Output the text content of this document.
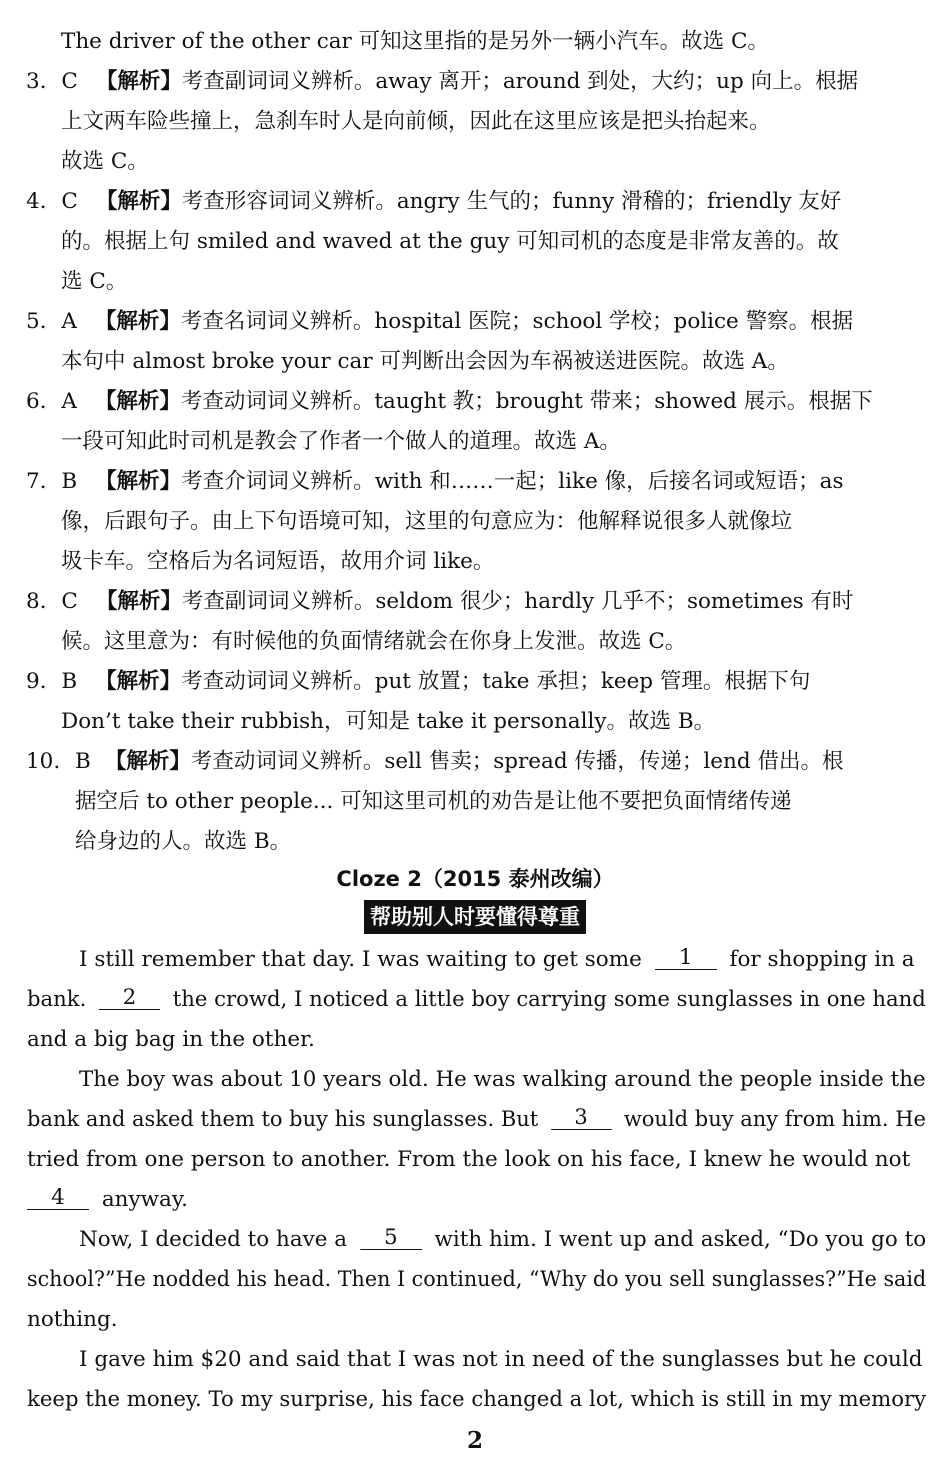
The driver of the other car 可知这里指的是另外一辆小汽车。故选 C。
3. C 【解析】考查副词词义辨析。away 离开；around 到处，大约；up 向上。根据
上文两车险些撞上，急刹车时人是向前倾，因此在这里应该是把头抬起来。
故选 C。
4. C 【解析】考查形容词词义辨析。angry 生气的；funny 滑稽的；friendly 友好
的。根据上句 smiled and waved at the guy 可知司机的态度是非常友善的。故
选 C。
5. A 【解析】考查名词词义辨析。hospital 医院；school 学校；police 警察。根据
本句中 almost broke your car 可判断出会因为车祸被送进医院。故选 A。
6. A 【解析】考查动词词义辨析。taught 教；brought 带来；showed 展示。根据下
一段可知此时司机是教会了作者一个做人的道理。故选 A。
7. B 【解析】考查介词词义辨析。with 和……一起；like 像，后接名词或短语；as
像，后跟句子。由上下句语境可知，这里的句意应为：他解释说很多人就像垃
圾卡车。空格后为名词短语，故用介词 like。
8. C 【解析】考查副词词义辨析。seldom 很少；hardly 几乎不；sometimes 有时
候。这里意为：有时候他的负面情绪就会在你身上发泄。故选 C。
9. B 【解析】考查动词词义辨析。put 放置；take 承担；keep 管理。根据下句
Don’t take their rubbish，可知是 take it personally。故选 B。
10. B 【解析】考查动词词义辨析。sell 售卖；spread 传播，传递；lend 借出。根
据空后 to other people... 可知这里司机的劝告是让他不要把负面情绪传递
给身边的人。故选 B。
Cloze 2（2015 泰州改编）
帮助别人时要懂得尊重
I still remember that day. I was waiting to get some 1 for shopping in a
bank. 2 the crowd, I noticed a little boy carrying some sunglasses in one hand
and a big bag in the other.
The boy was about 10 years old. He was walking around the people inside the
bank and asked them to buy his sunglasses. But 3 would buy any from him. He
tried from one person to another. From the look on his face, I knew he would not
4 anyway.
Now, I decided to have a 5 with him. I went up and asked, “Do you go to
school?”He nodded his head. Then I continued, “Why do you sell sunglasses?”He said
nothing.
I gave him $20 and said that I was not in need of the sunglasses but he could
keep the money. To my surprise, his face changed a lot, which is still in my memory
2
